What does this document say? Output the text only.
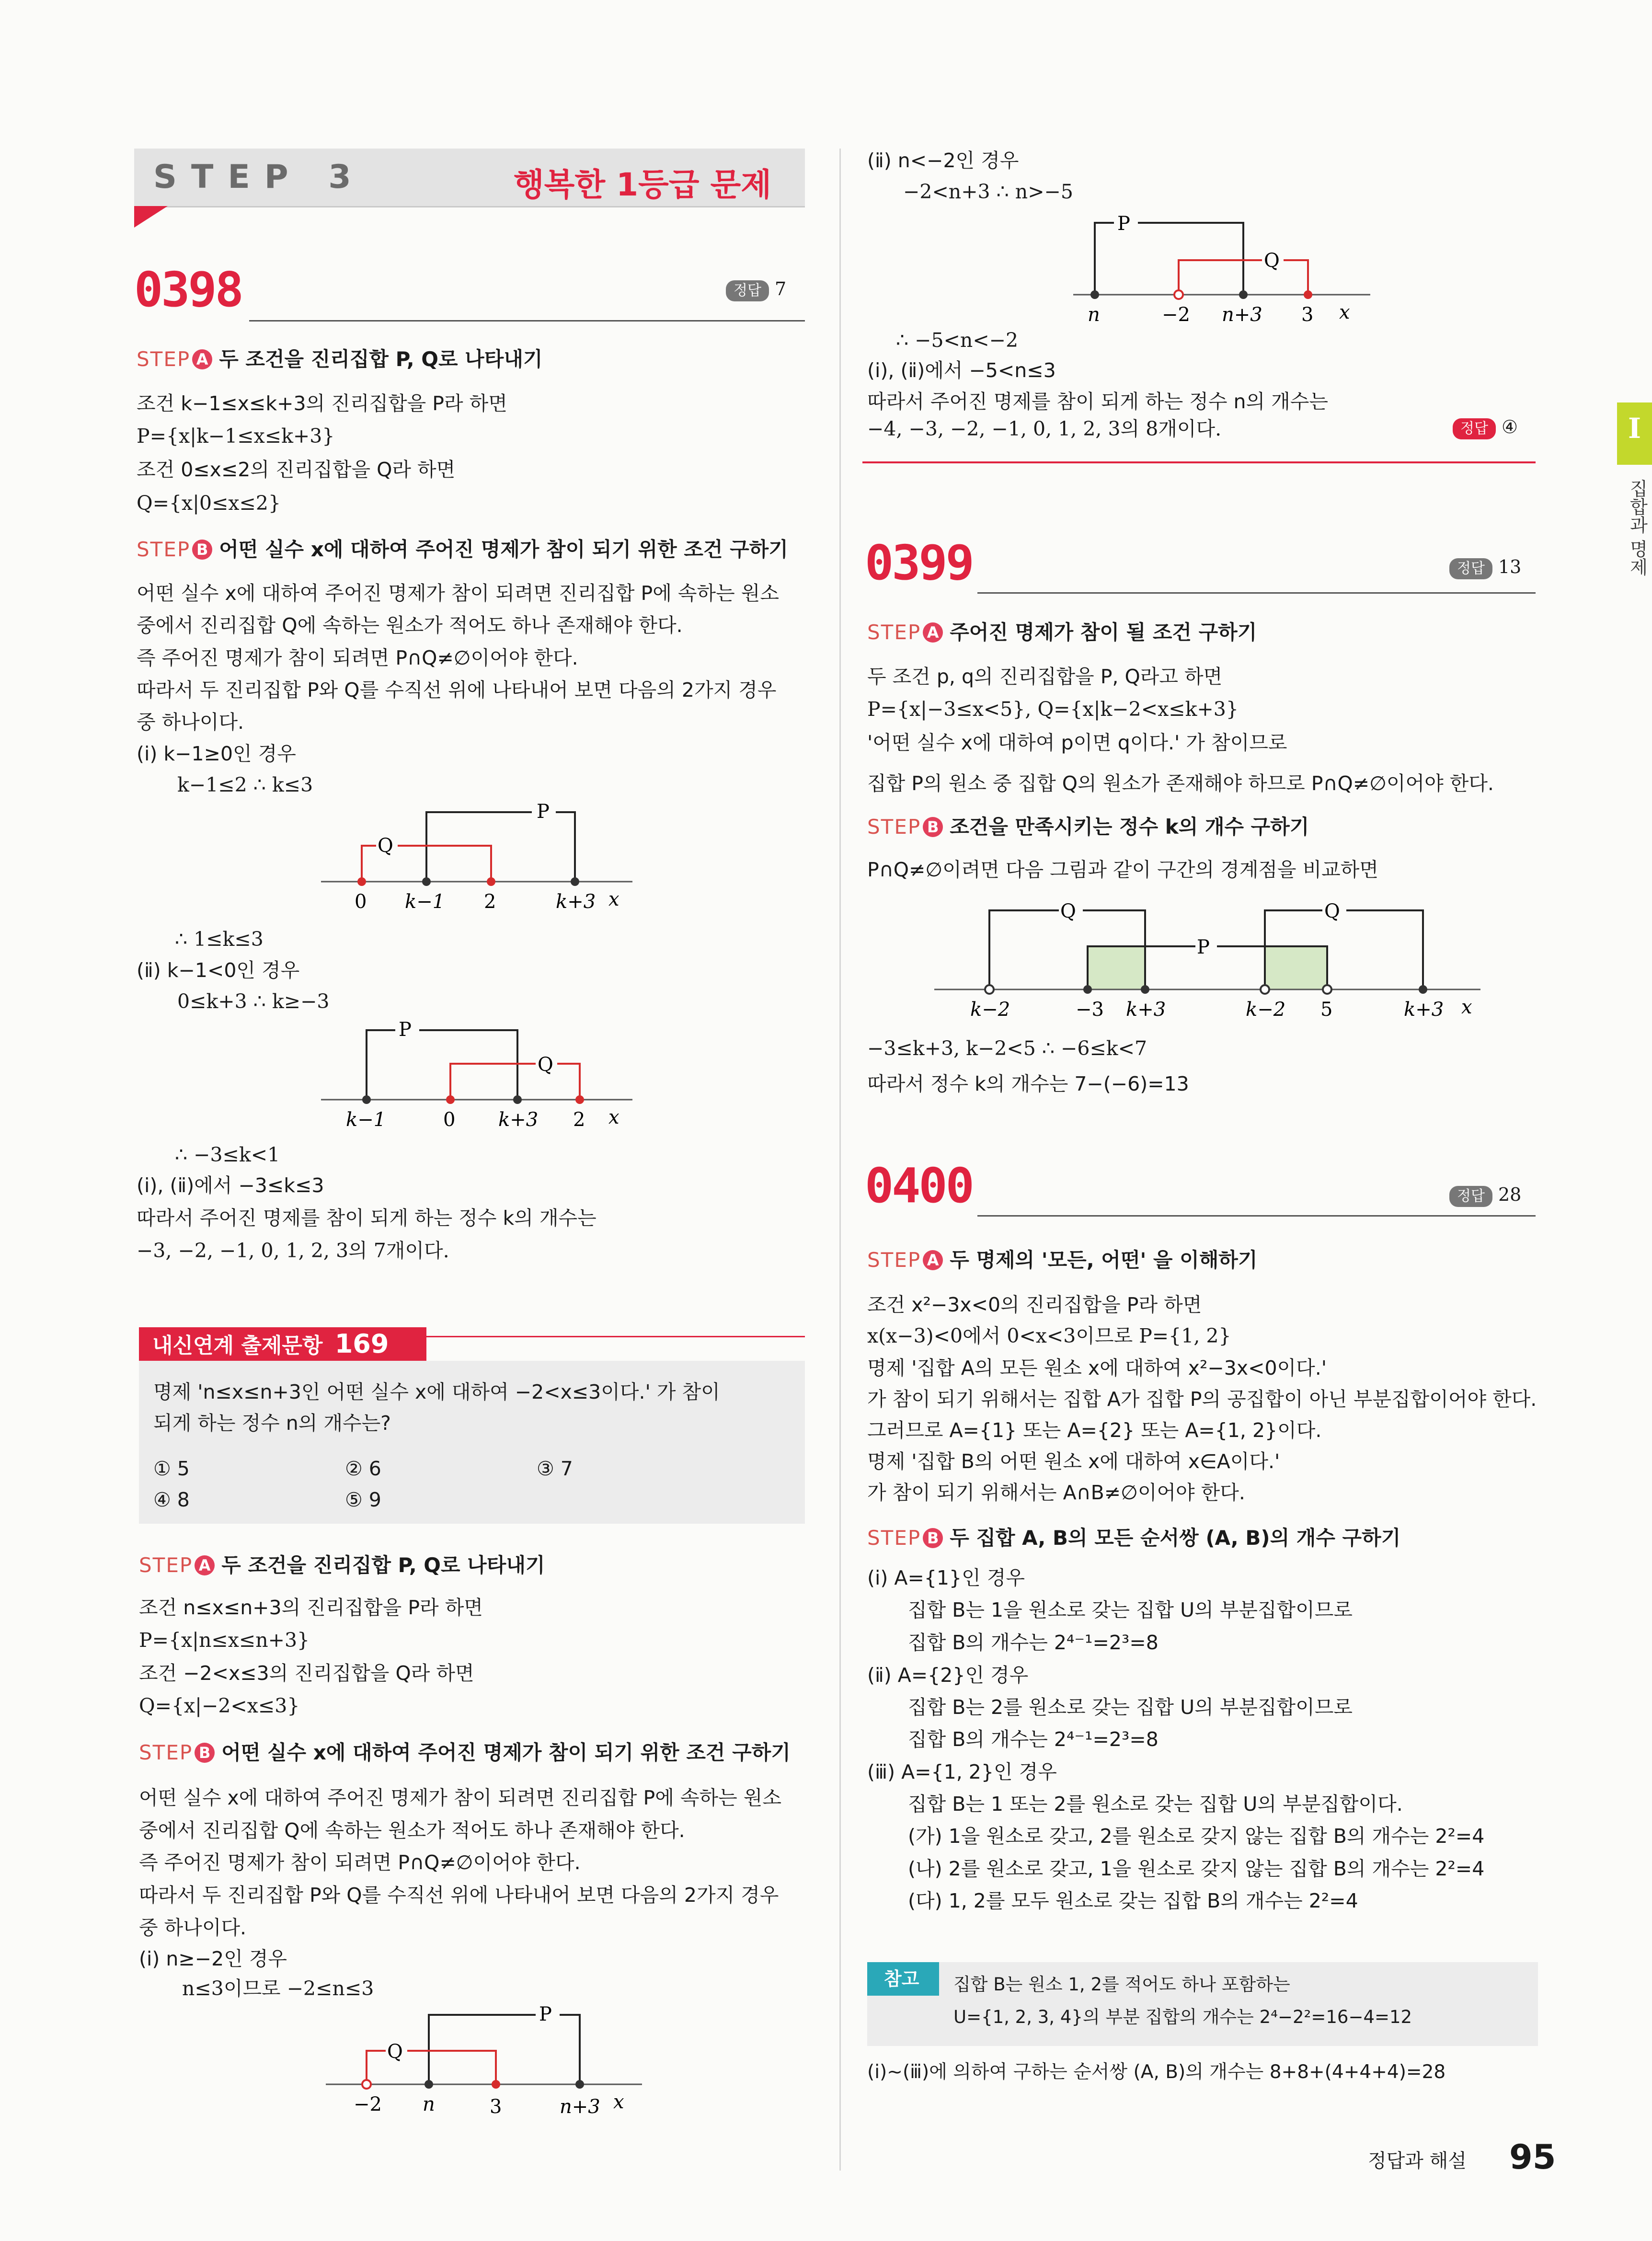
STEP 3	행복한 1등급 문제
0398	정답 7
STEP A 두 조건을 진리집합 P, Q로 나타내기
조건 k−1≤x≤k+3의 진리집합을 P라 하면
P={x|k−1≤x≤k+3}
조건 0≤x≤2의 진리집합을 Q라 하면
Q={x|0≤x≤2}
STEP B 어떤 실수 x에 대하여 주어진 명제가 참이 되기 위한 조건 구하기
어떤 실수 x에 대하여 주어진 명제가 참이 되려면 진리집합 P에 속하는 원소
중에서 진리집합 Q에 속하는 원소가 적어도 하나 존재해야 한다.
즉 주어진 명제가 참이 되려면 P∩Q≠∅이어야 한다.
따라서 두 진리집합 P와 Q를 수직선 위에 나타내어 보면 다음의 2가지 경우
중 하나이다.
(ⅰ) k−1≥0인 경우
k−1≤2 ∴ k≤3
P
Q
0 k−1 2	k+3 x
∴ 1≤k≤3
(ⅱ) k−1<0인 경우
0≤k+3 ∴ k≥−3
P
Q
k−1	0 k+3 2 x
∴ −3≤k<1
(ⅰ), (ⅱ)에서 −3≤k≤3
따라서 주어진 명제를 참이 되게 하는 정수 k의 개수는
−3, −2, −1, 0, 1, 2, 3의 7개이다.
내신연계 출제문항 169
명제 'n≤x≤n+3인 어떤 실수 x에 대하여 −2<x≤3이다.' 가 참이
되게 하는 정수 n의 개수는?
① 5	② 6	③ 7
④ 8	⑤ 9
STEP A 두 조건을 진리집합 P, Q로 나타내기
조건 n≤x≤n+3의 진리집합을 P라 하면
P={x|n≤x≤n+3}
조건 −2<x≤3의 진리집합을 Q라 하면
Q={x|−2<x≤3}
STEP B 어떤 실수 x에 대하여 주어진 명제가 참이 되기 위한 조건 구하기
어떤 실수 x에 대하여 주어진 명제가 참이 되려면 진리집합 P에 속하는 원소
중에서 진리집합 Q에 속하는 원소가 적어도 하나 존재해야 한다.
즉 주어진 명제가 참이 되려면 P∩Q≠∅이어야 한다.
따라서 두 진리집합 P와 Q를 수직선 위에 나타내어 보면 다음의 2가지 경우
중 하나이다.
(ⅰ) n≥−2인 경우
n≤3이므로 −2≤n≤3
P
Q
−2 n	3	n+3 x
(ⅱ) n<−2인 경우
−2<n+3 ∴ n>−5
P
Q
n	−2 n+3 3 x
∴ −5<n<−2
(ⅰ), (ⅱ)에서 −5<n≤3
따라서 주어진 명제를 참이 되게 하는 정수 n의 개수는
−4, −3, −2, −1, 0, 1, 2, 3의 8개이다.	정답 ④
0399	정답 13
STEP A 주어진 명제가 참이 될 조건 구하기
두 조건 p, q의 진리집합을 P, Q라고 하면
P={x|−3≤x<5}, Q={x|k−2<x≤k+3}
'어떤 실수 x에 대하여 p이면 q이다.' 가 참이므로
집합 P의 원소 중 집합 Q의 원소가 존재해야 하므로 P∩Q≠∅이어야 한다.
STEP B 조건을 만족시키는 정수 k의 개수 구하기
P∩Q≠∅이려면 다음 그림과 같이 구간의 경계점을 비교하면
Q
P
Q
k−2	−3 k+3	k−2 5	k+3 x
−3≤k+3, k−2<5 ∴ −6≤k<7
따라서 정수 k의 개수는 7−(−6)=13
0400	정답 28
STEP A 두 명제의 '모든, 어떤' 을 이해하기
조건 x²−3x<0의 진리집합을 P라 하면
x(x−3)<0에서 0<x<3이므로 P={1, 2}
명제 '집합 A의 모든 원소 x에 대하여 x²−3x<0이다.'
가 참이 되기 위해서는 집합 A가 집합 P의 공집합이 아닌 부분집합이어야 한다.
그러므로 A={1} 또는 A={2} 또는 A={1, 2}이다.
명제 '집합 B의 어떤 원소 x에 대하여 x∈A이다.'
가 참이 되기 위해서는 A∩B≠∅이어야 한다.
STEP B 두 집합 A, B의 모든 순서쌍 (A, B)의 개수 구하기
(ⅰ) A={1}인 경우
집합 B는 1을 원소로 갖는 집합 U의 부분집합이므로
집합 B의 개수는 2⁴⁻¹=2³=8
(ⅱ) A={2}인 경우
집합 B는 2를 원소로 갖는 집합 U의 부분집합이므로
집합 B의 개수는 2⁴⁻¹=2³=8
(ⅲ) A={1, 2}인 경우
집합 B는 1 또는 2를 원소로 갖는 집합 U의 부분집합이다.
(가) 1을 원소로 갖고, 2를 원소로 갖지 않는 집합 B의 개수는 2²=4
(나) 2를 원소로 갖고, 1을 원소로 갖지 않는 집합 B의 개수는 2²=4
(다) 1, 2를 모두 원소로 갖는 집합 B의 개수는 2²=4
참고 집합 B는 원소 1, 2를 적어도 하나 포함하는
U={1, 2, 3, 4}의 부분 집합의 개수는 2⁴−2²=16−4=12
(ⅰ)~(ⅲ)에 의하여 구하는 순서쌍 (A, B)의 개수는 8+8+(4+4+4)=28
I
집합과 명제
정답과 해설 95
